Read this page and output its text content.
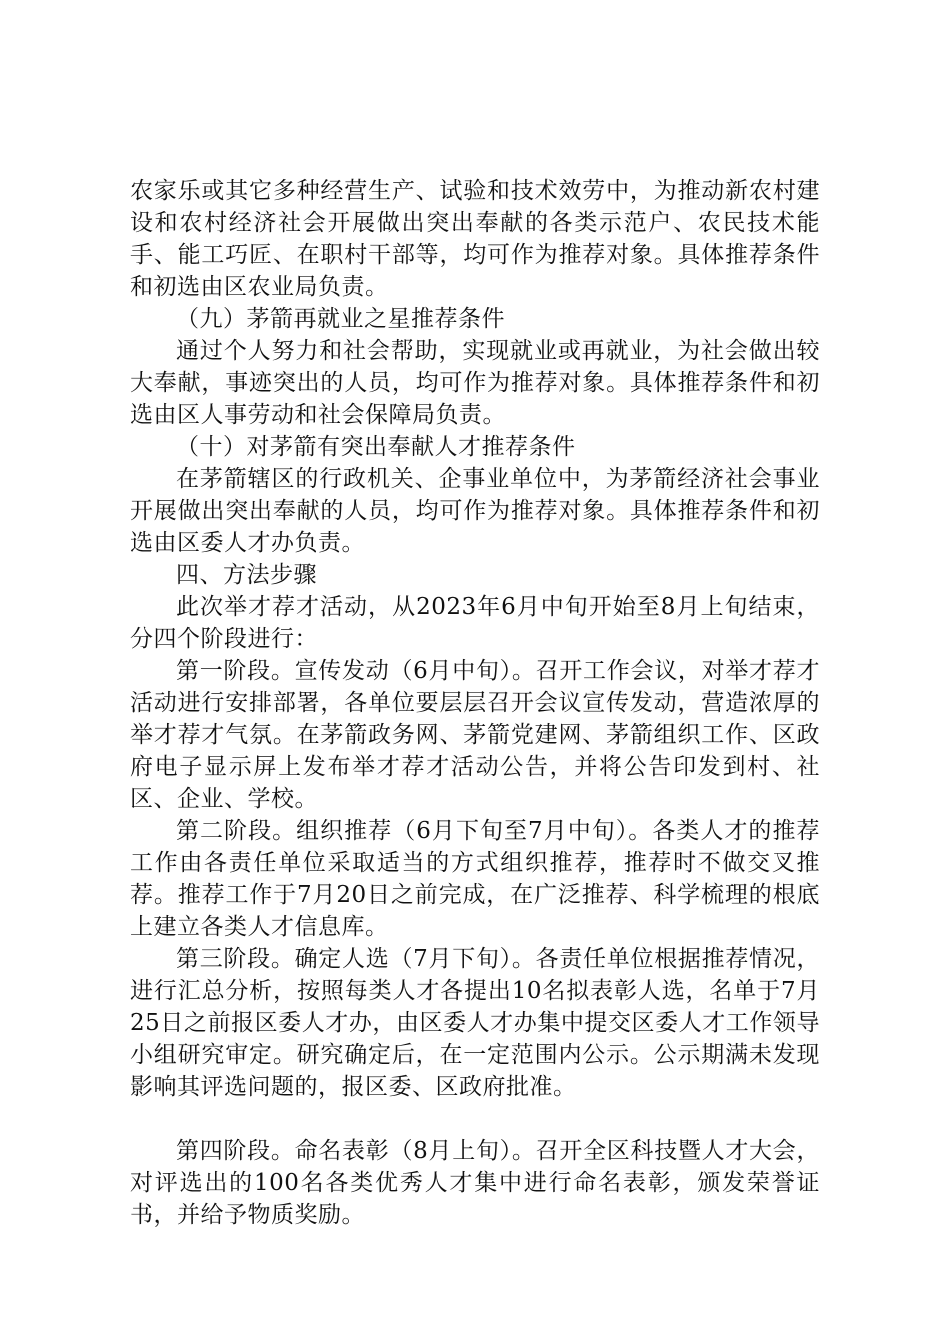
农家乐或其它多种经营生产、试验和技术效劳中，为推动新农村建设和农村经济社会开展做出突出奉献的各类示范户、农民技术能手、能工巧匠、在职村干部等，均可作为推荐对象。具体推荐条件和初选由区农业局负责。

（九）茅箭再就业之星推荐条件

通过个人努力和社会帮助，实现就业或再就业，为社会做出较大奉献，事迹突出的人员，均可作为推荐对象。具体推荐条件和初选由区人事劳动和社会保障局负责。

（十）对茅箭有突出奉献人才推荐条件

在茅箭辖区的行政机关、企事业单位中，为茅箭经济社会事业开展做出突出奉献的人员，均可作为推荐对象。具体推荐条件和初选由区委人才办负责。

四、方法步骤

此次举才荐才活动，从2023年6月中旬开始至8月上旬结束，分四个阶段进行：

第一阶段。宣传发动（6月中旬）。召开工作会议，对举才荐才活动进行安排部署，各单位要层层召开会议宣传发动，营造浓厚的举才荐才气氛。在茅箭政务网、茅箭党建网、茅箭组织工作、区政府电子显示屏上发布举才荐才活动公告，并将公告印发到村、社区、企业、学校。

第二阶段。组织推荐（6月下旬至7月中旬）。各类人才的推荐工作由各责任单位采取适当的方式组织推荐，推荐时不做交叉推荐。推荐工作于7月20日之前完成，在广泛推荐、科学梳理的根底上建立各类人才信息库。

第三阶段。确定人选（7月下旬）。各责任单位根据推荐情况，进行汇总分析，按照每类人才各提出10名拟表彰人选，名单于7月25日之前报区委人才办，由区委人才办集中提交区委人才工作领导小组研究审定。研究确定后，在一定范围内公示。公示期满未发现影响其评选问题的，报区委、区政府批准。

第四阶段。命名表彰（8月上旬）。召开全区科技暨人才大会，对评选出的100名各类优秀人才集中进行命名表彰，颁发荣誉证书，并给予物质奖励。
